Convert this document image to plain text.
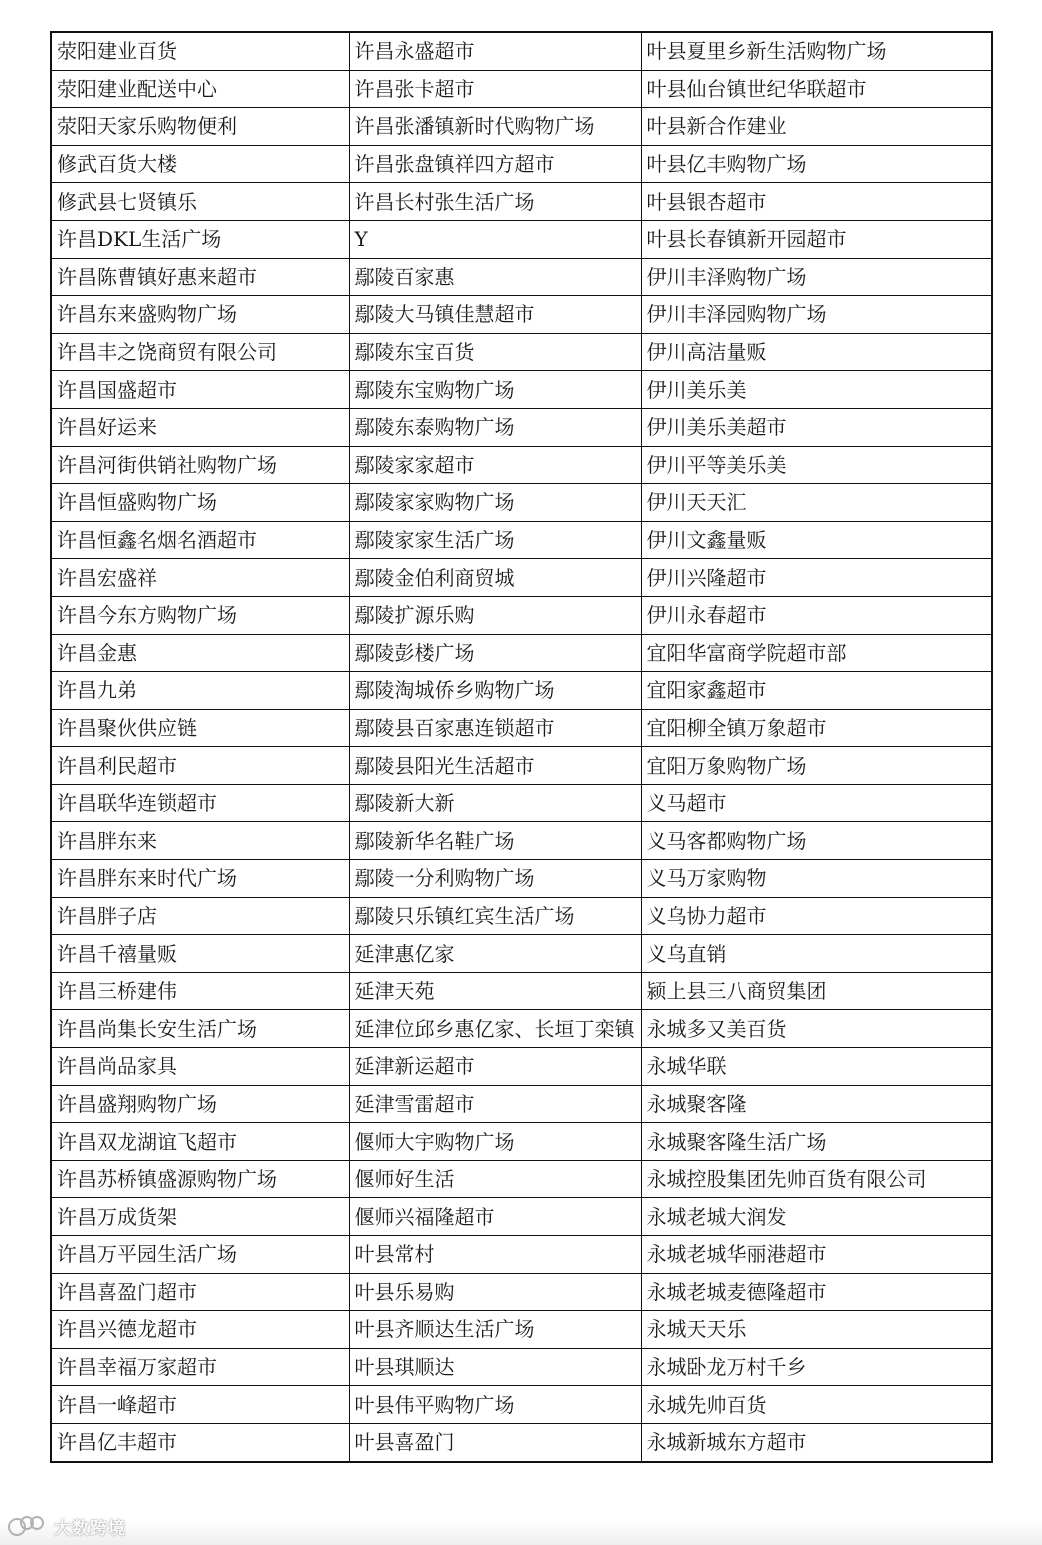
荥阳建业百货	许昌永盛超市	叶县夏里乡新生活购物广场
荥阳建业配送中心	许昌张卡超市	叶县仙台镇世纪华联超市
荥阳天家乐购物便利	许昌张潘镇新时代购物广场	叶县新合作建业
修武百货大楼	许昌张盘镇祥四方超市	叶县亿丰购物广场
修武县七贤镇乐	许昌长村张生活广场	叶县银杏超市
许昌DKL生活广场	Y	叶县长春镇新开园超市
许昌陈曹镇好惠来超市	鄢陵百家惠	伊川丰泽购物广场
许昌东来盛购物广场	鄢陵大马镇佳慧超市	伊川丰泽园购物广场
许昌丰之饶商贸有限公司	鄢陵东宝百货	伊川高洁量贩
许昌国盛超市	鄢陵东宝购物广场	伊川美乐美
许昌好运来	鄢陵东泰购物广场	伊川美乐美超市
许昌河街供销社购物广场	鄢陵家家超市	伊川平等美乐美
许昌恒盛购物广场	鄢陵家家购物广场	伊川天天汇
许昌恒鑫名烟名酒超市	鄢陵家家生活广场	伊川文鑫量贩
许昌宏盛祥	鄢陵金伯利商贸城	伊川兴隆超市
许昌今东方购物广场	鄢陵扩源乐购	伊川永春超市
许昌金惠	鄢陵彭楼广场	宜阳华富商学院超市部
许昌九弟	鄢陵淘城侨乡购物广场	宜阳家鑫超市
许昌聚伙供应链	鄢陵县百家惠连锁超市	宜阳柳全镇万象超市
许昌利民超市	鄢陵县阳光生活超市	宜阳万象购物广场
许昌联华连锁超市	鄢陵新大新	义马超市
许昌胖东来	鄢陵新华名鞋广场	义马客都购物广场
许昌胖东来时代广场	鄢陵一分利购物广场	义马万家购物
许昌胖子店	鄢陵只乐镇红宾生活广场	义乌协力超市
许昌千禧量贩	延津惠亿家	义乌直销
许昌三桥建伟	延津天苑	颍上县三八商贸集团
许昌尚集长安生活广场	延津位邱乡惠亿家、长垣丁栾镇	永城多又美百货
许昌尚品家具	延津新运超市	永城华联
许昌盛翔购物广场	延津雪雷超市	永城聚客隆
许昌双龙湖谊飞超市	偃师大宇购物广场	永城聚客隆生活广场
许昌苏桥镇盛源购物广场	偃师好生活	永城控股集团先帅百货有限公司
许昌万成货架	偃师兴福隆超市	永城老城大润发
许昌万平园生活广场	叶县常村	永城老城华丽港超市
许昌喜盈门超市	叶县乐易购	永城老城麦德隆超市
许昌兴德龙超市	叶县齐顺达生活广场	永城天天乐
许昌幸福万家超市	叶县琪顺达	永城卧龙万村千乡
许昌一峰超市	叶县伟平购物广场	永城先帅百货
许昌亿丰超市	叶县喜盈门	永城新城东方超市
大数跨境
